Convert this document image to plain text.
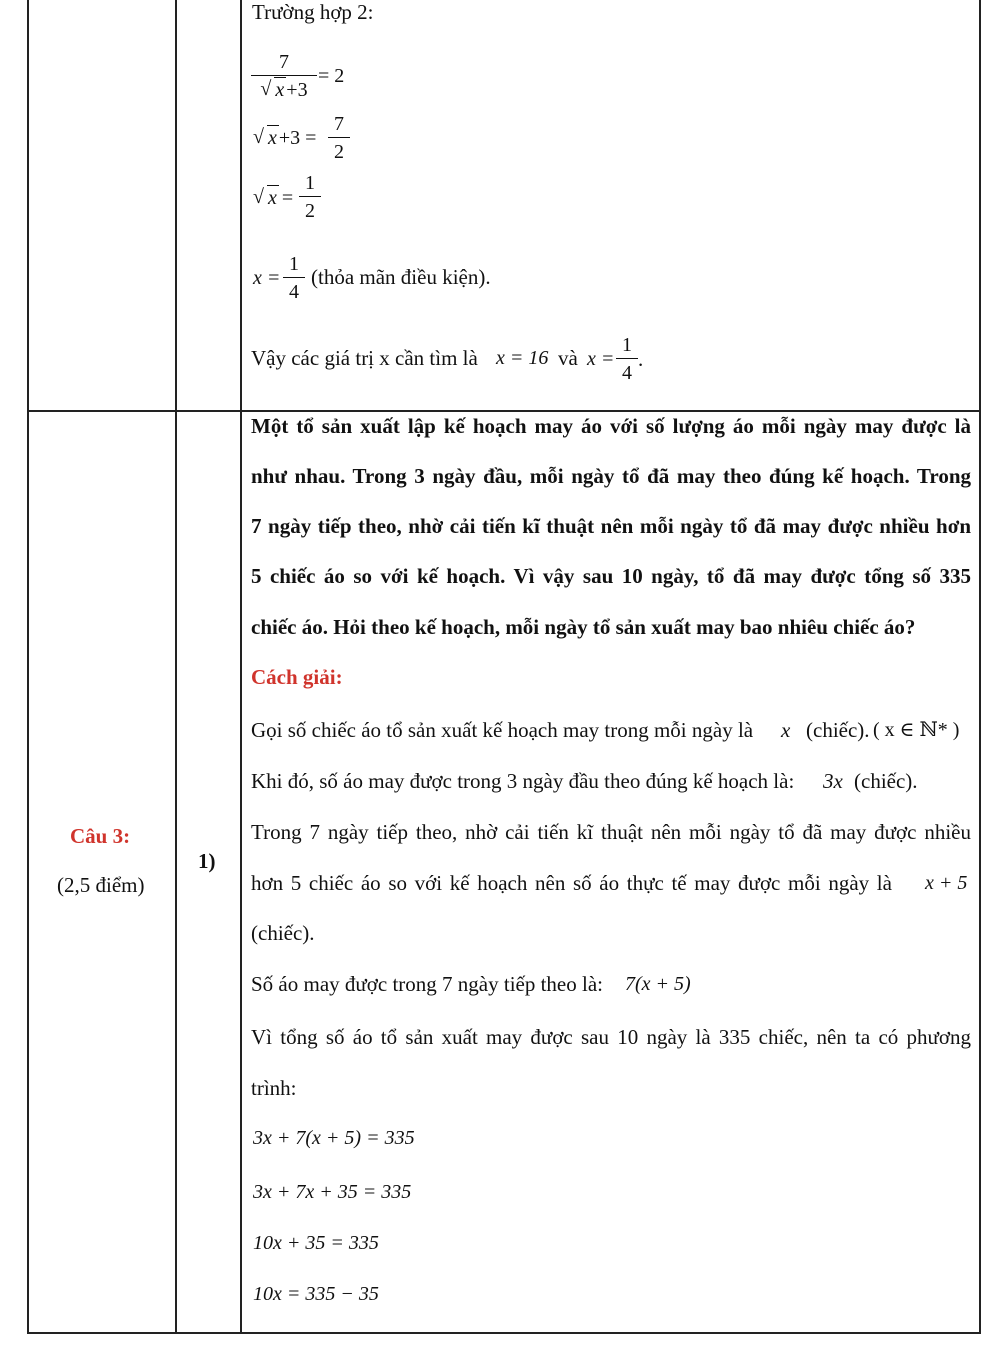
Trường hợp 2:
7
√ x +3
= 2
√ x +3 =
7
2
√ x =
1
2
x =
1
4
(thỏa mãn điều kiện).
Vậy các giá trị x cần tìm là x = 16 và x =
1
4
.
Câu 3:
(2,5 điểm)
1)
Một tổ sản xuất lập kế hoạch may áo với số lượng áo mỗi ngày may được là
như nhau. Trong 3 ngày đầu, mỗi ngày tổ đã may theo đúng kế hoạch. Trong
7 ngày tiếp theo, nhờ cải tiến kĩ thuật nên mỗi ngày tổ đã may được nhiều hơn
5 chiếc áo so với kế hoạch. Vì vậy sau 10 ngày, tổ đã may được tổng số 335
chiếc áo. Hỏi theo kế hoạch, mỗi ngày tổ sản xuất may bao nhiêu chiếc áo?
Cách giải:
Gọi số chiếc áo tổ sản xuất kế hoạch may trong mỗi ngày là x (chiếc). ( x ∈ ℕ* )
Khi đó, số áo may được trong 3 ngày đầu theo đúng kế hoạch là: 3x (chiếc).
Trong 7 ngày tiếp theo, nhờ cải tiến kĩ thuật nên mỗi ngày tổ đã may được nhiều
hơn 5 chiếc áo so với kế hoạch nên số áo thực tế may được mỗi ngày là x + 5
(chiếc).
Số áo may được trong 7 ngày tiếp theo là: 7(x + 5)
Vì tổng số áo tổ sản xuất may được sau 10 ngày là 335 chiếc, nên ta có phương
trình:
3x + 7(x + 5) = 335
3x + 7x + 35 = 335
10x + 35 = 335
10x = 335 − 35
